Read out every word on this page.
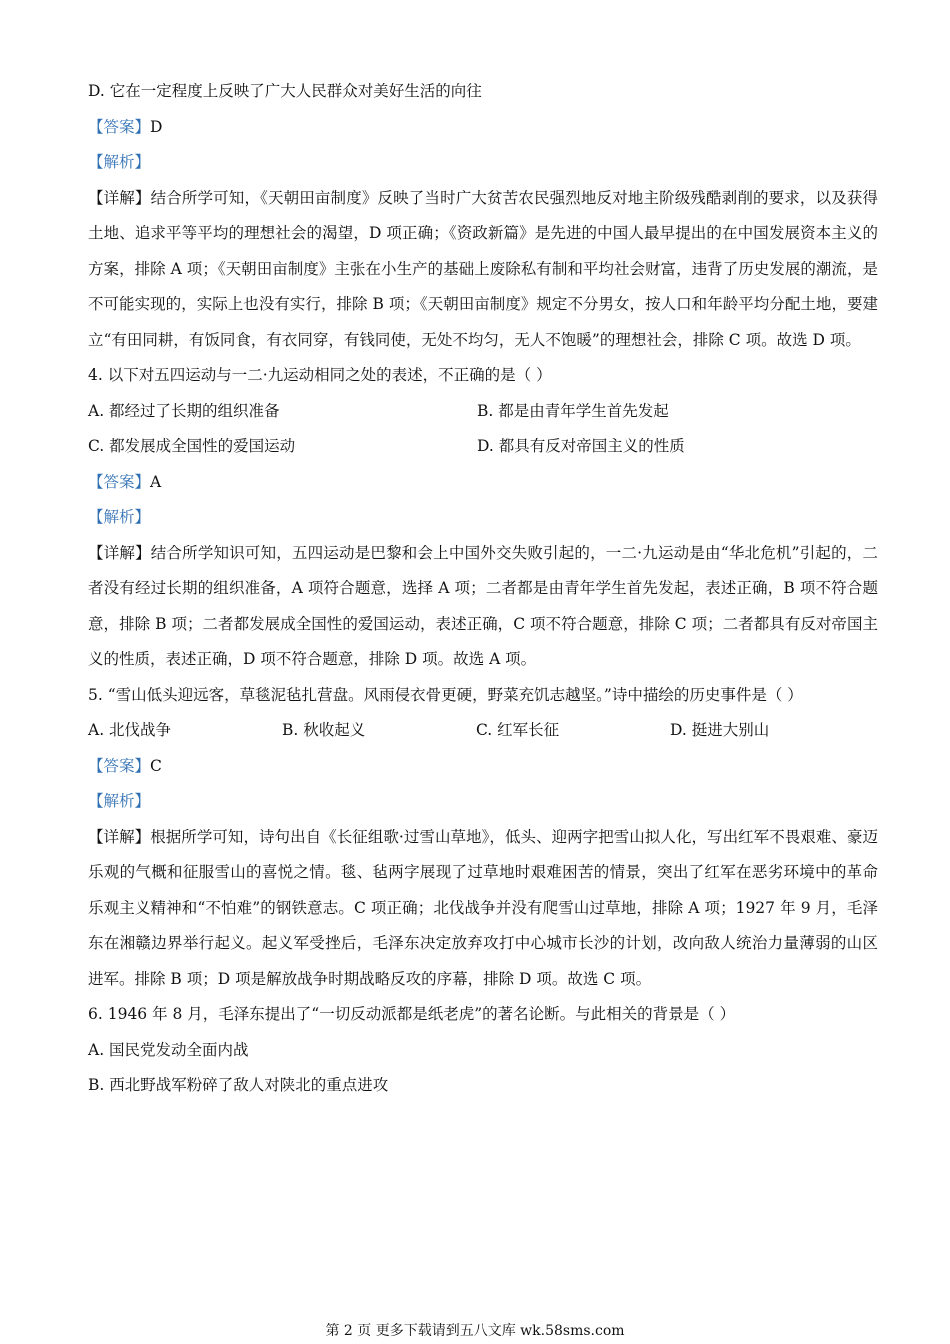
D. 它在一定程度上反映了广大人民群众对美好生活的向往
【答案】D
【解析】
【详解】结合所学可知，《天朝田亩制度》反映了当时广大贫苦农民强烈地反对地主阶级残酷剥削的要求，以及获得土地、追求平等平均的理想社会的渴望，D 项正确；《资政新篇》是先进的中国人最早提出的在中国发展资本主义的方案，排除 A 项；《天朝田亩制度》主张在小生产的基础上废除私有制和平均社会财富，违背了历史发展的潮流，是不可能实现的，实际上也没有实行，排除 B 项；《天朝田亩制度》规定不分男女，按人口和年龄平均分配土地，要建立“有田同耕，有饭同食，有衣同穿，有钱同使，无处不均匀，无人不饱暖”的理想社会，排除 C 项。故选 D 项。
4. 以下对五四运动与一二·九运动相同之处的表述，不正确的是（ ）
A. 都经过了长期的组织准备	B. 都是由青年学生首先发起
C. 都发展成全国性的爱国运动	D. 都具有反对帝国主义的性质
【答案】A
【解析】
【详解】结合所学知识可知，五四运动是巴黎和会上中国外交失败引起的，一二·九运动是由“华北危机”引起的，二者没有经过长期的组织准备，A 项符合题意，选择 A 项；二者都是由青年学生首先发起，表述正确，B 项不符合题意，排除 B 项；二者都发展成全国性的爱国运动，表述正确，C 项不符合题意，排除 C 项；二者都具有反对帝国主义的性质，表述正确，D 项不符合题意，排除 D 项。故选 A 项。
5. “雪山低头迎远客，草毯泥毡扎营盘。风雨侵衣骨更硬，野菜充饥志越坚。”诗中描绘的历史事件是（ ）
A. 北伐战争	B. 秋收起义	C. 红军长征	D. 挺进大别山
【答案】C
【解析】
【详解】根据所学可知，诗句出自《长征组歌·过雪山草地》，低头、迎两字把雪山拟人化，写出红军不畏艰难、豪迈乐观的气概和征服雪山的喜悦之情。毯、毡两字展现了过草地时艰难困苦的情景，突出了红军在恶劣环境中的革命乐观主义精神和“不怕难”的钢铁意志。C 项正确；北伐战争并没有爬雪山过草地，排除 A 项；1927 年 9 月，毛泽东在湘赣边界举行起义。起义军受挫后，毛泽东决定放弃攻打中心城市长沙的计划，改向敌人统治力量薄弱的山区进军。排除 B 项；D 项是解放战争时期战略反攻的序幕，排除 D 项。故选 C 项。
6. 1946 年 8 月，毛泽东提出了“一切反动派都是纸老虎”的著名论断。与此相关的背景是（ ）
A. 国民党发动全面内战
B. 西北野战军粉碎了敌人对陕北的重点进攻
第 2 页 更多下载请到五八文库 wk.58sms.com
